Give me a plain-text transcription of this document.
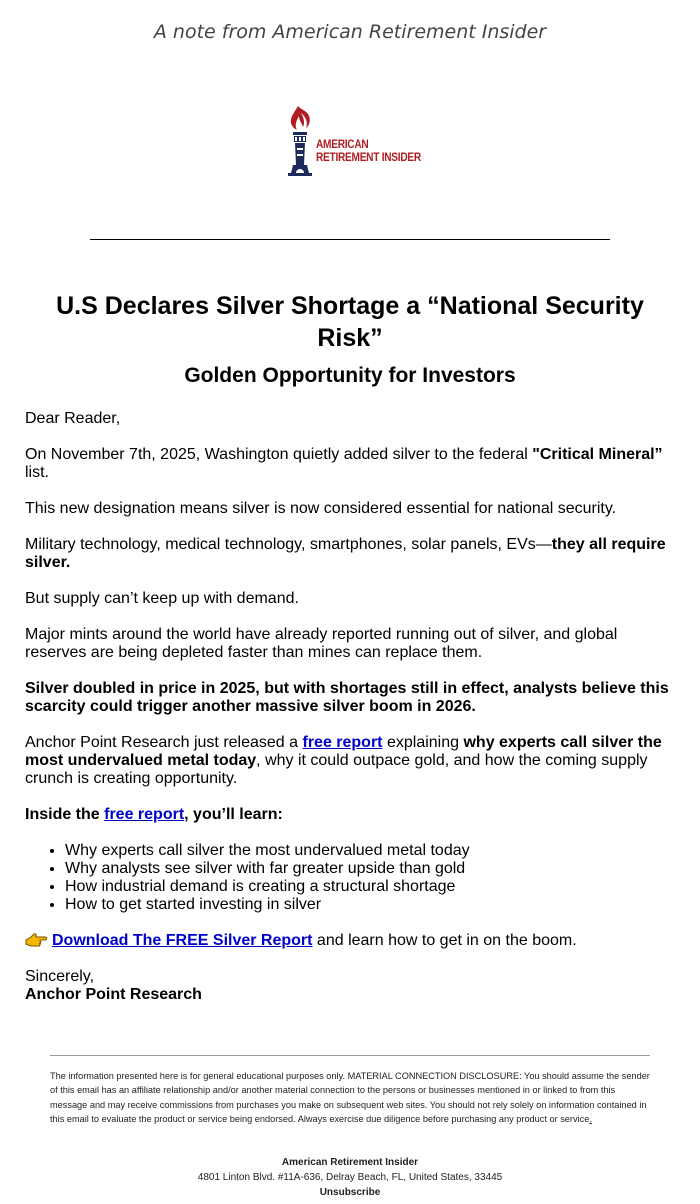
A note from American Retirement Insider
AMERICAN
RETIREMENT INSIDER
U.S Declares Silver Shortage a “National Security Risk”
Golden Opportunity for Investors

Dear Reader,

On November 7th, 2025, Washington quietly added silver to the federal "Critical Mineral” list.

This new designation means silver is now considered essential for national security.

Military technology, medical technology, smartphones, solar panels, EVs—they all require silver.

But supply can’t keep up with demand.

Major mints around the world have already reported running out of silver, and global reserves are being depleted faster than mines can replace them.

Silver doubled in price in 2025, but with shortages still in effect, analysts believe this scarcity could trigger another massive silver boom in 2026.

Anchor Point Research just released a free report explaining why experts call silver the most undervalued metal today, why it could outpace gold, and how the coming supply crunch is creating opportunity.

Inside the free report, you’ll learn:

• Why experts call silver the most undervalued metal today
• Why analysts see silver with far greater upside than gold
• How industrial demand is creating a structural shortage
• How to get started investing in silver

Download The FREE Silver Report and learn how to get in on the boom.

Sincerely,
Anchor Point Research

The information presented here is for general educational purposes only. MATERIAL CONNECTION DISCLOSURE: You should assume the sender of this email has an affiliate relationship and/or another material connection to the persons or businesses mentioned in or linked to from this message and may receive commissions from purchases you make on subsequent web sites. You should not rely solely on information contained in this email to evaluate the product or service being endorsed. Always exercise due diligence before purchasing any product or service.
American Retirement Insider
4801 Linton Blvd. #11A-636, Delray Beach, FL, United States, 33445
Unsubscribe
